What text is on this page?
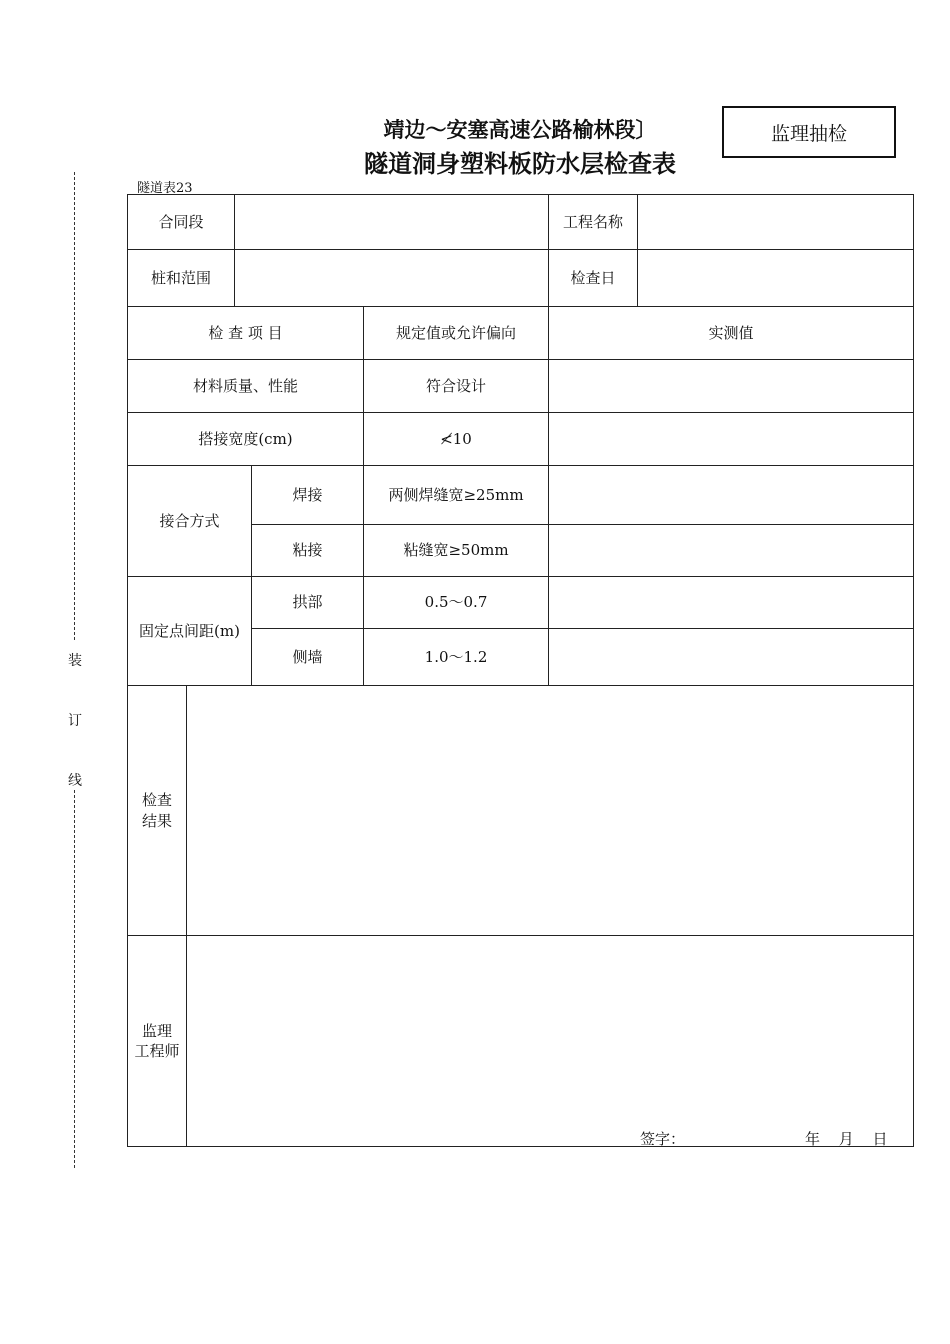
靖边～安塞高速公路榆林段〕
隧道洞身塑料板防水层检查表
监理抽检
隧道表23
装
订
线
合同段					工程名称	
桩和范围					检查日	
检 查 项 目				规定值或允许偏向	实测值	
材料质量、性能				符合设计		
搭接宽度(cm)				≮10		
接合方式			焊接	两侧焊缝宽≥25mm		
			粘接	粘缝宽≥50mm		
固定点间距(m)			拱部	0.5～0.7		
			侧墙	1.0～1.2		
检查
结果						
监理
工程师						
签字：	年 月 日
